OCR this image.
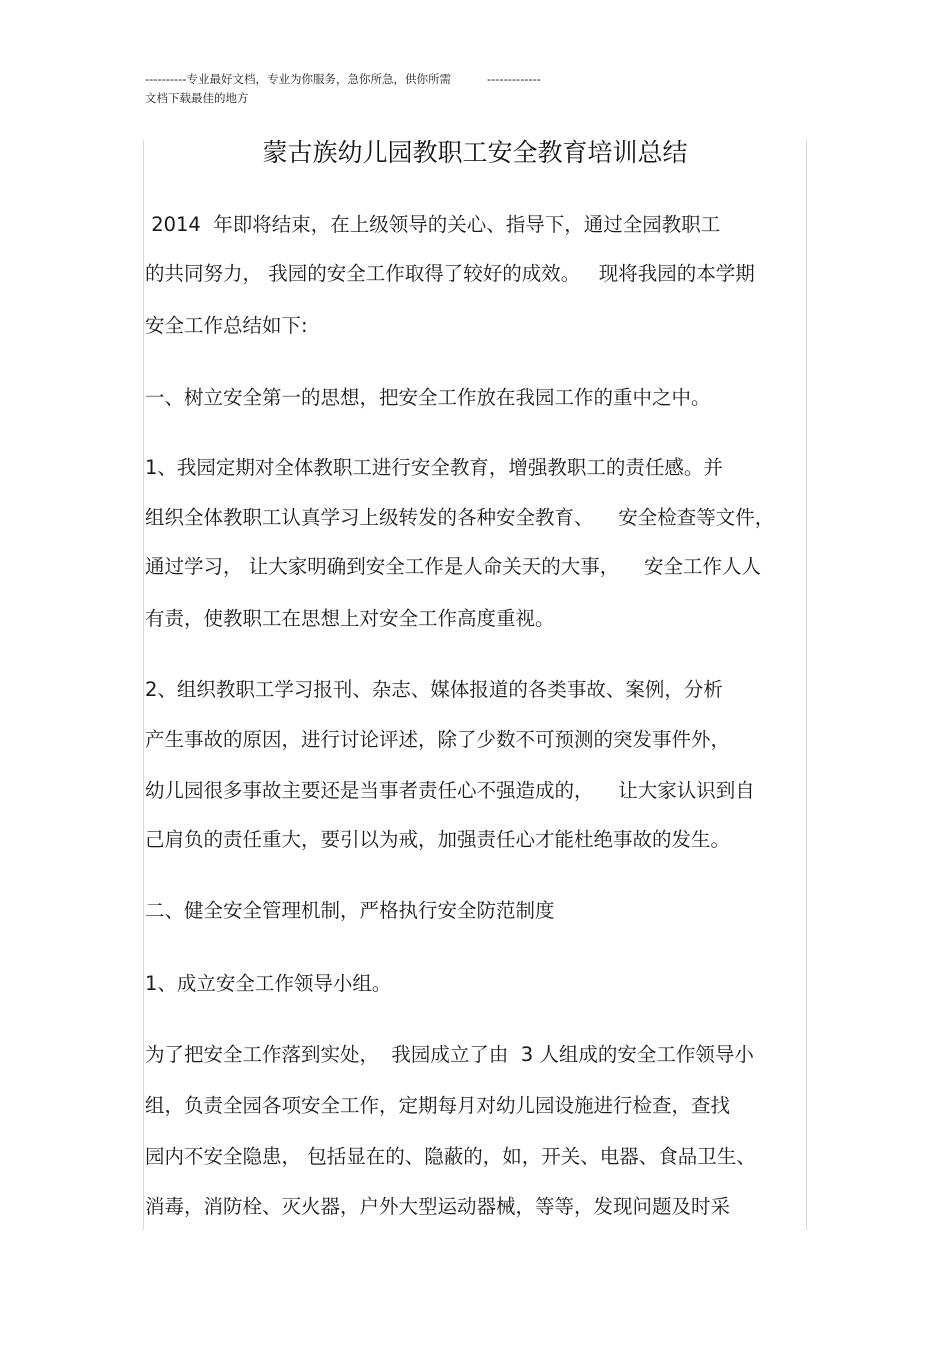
----------专业最好文档，专业为你服务，急你所急，供你所需	-------------
文档下载最佳的地方
蒙古族幼儿园教职工安全教育培训总结
2014  年即将结束，在上级领导的关心、指导下，通过全园教职工
的共同努力， 我园的安全工作取得了较好的成效。   现将我园的本学期
安全工作总结如下:
一、树立安全第一的思想，把安全工作放在我园工作的重中之中。
1、我园定期对全体教职工进行安全教育，增强教职工的责任感。并
组织全体教职工认真学习上级转发的各种安全教育、    安全检查等文件，
通过学习， 让大家明确到安全工作是人命关天的大事，    安全工作人人
有责，使教职工在思想上对安全工作高度重视。
2、组织教职工学习报刊、杂志、媒体报道的各类事故、案例，分析
产生事故的原因，进行讨论评述，除了少数不可预测的突发事件外，
幼儿园很多事故主要还是当事者责任心不强造成的，    让大家认识到自
己肩负的责任重大，要引以为戒，加强责任心才能杜绝事故的发生。
二、健全安全管理机制，严格执行安全防范制度
1、成立安全工作领导小组。
为了把安全工作落到实处，  我园成立了由  3 人组成的安全工作领导小
组，负责全园各项安全工作，定期每月对幼儿园设施进行检查，查找
园内不安全隐患， 包括显在的、隐蔽的，如，开关、电器、食品卫生、
消毒，消防栓、灭火器，户外大型运动器械，等等，发现问题及时采
